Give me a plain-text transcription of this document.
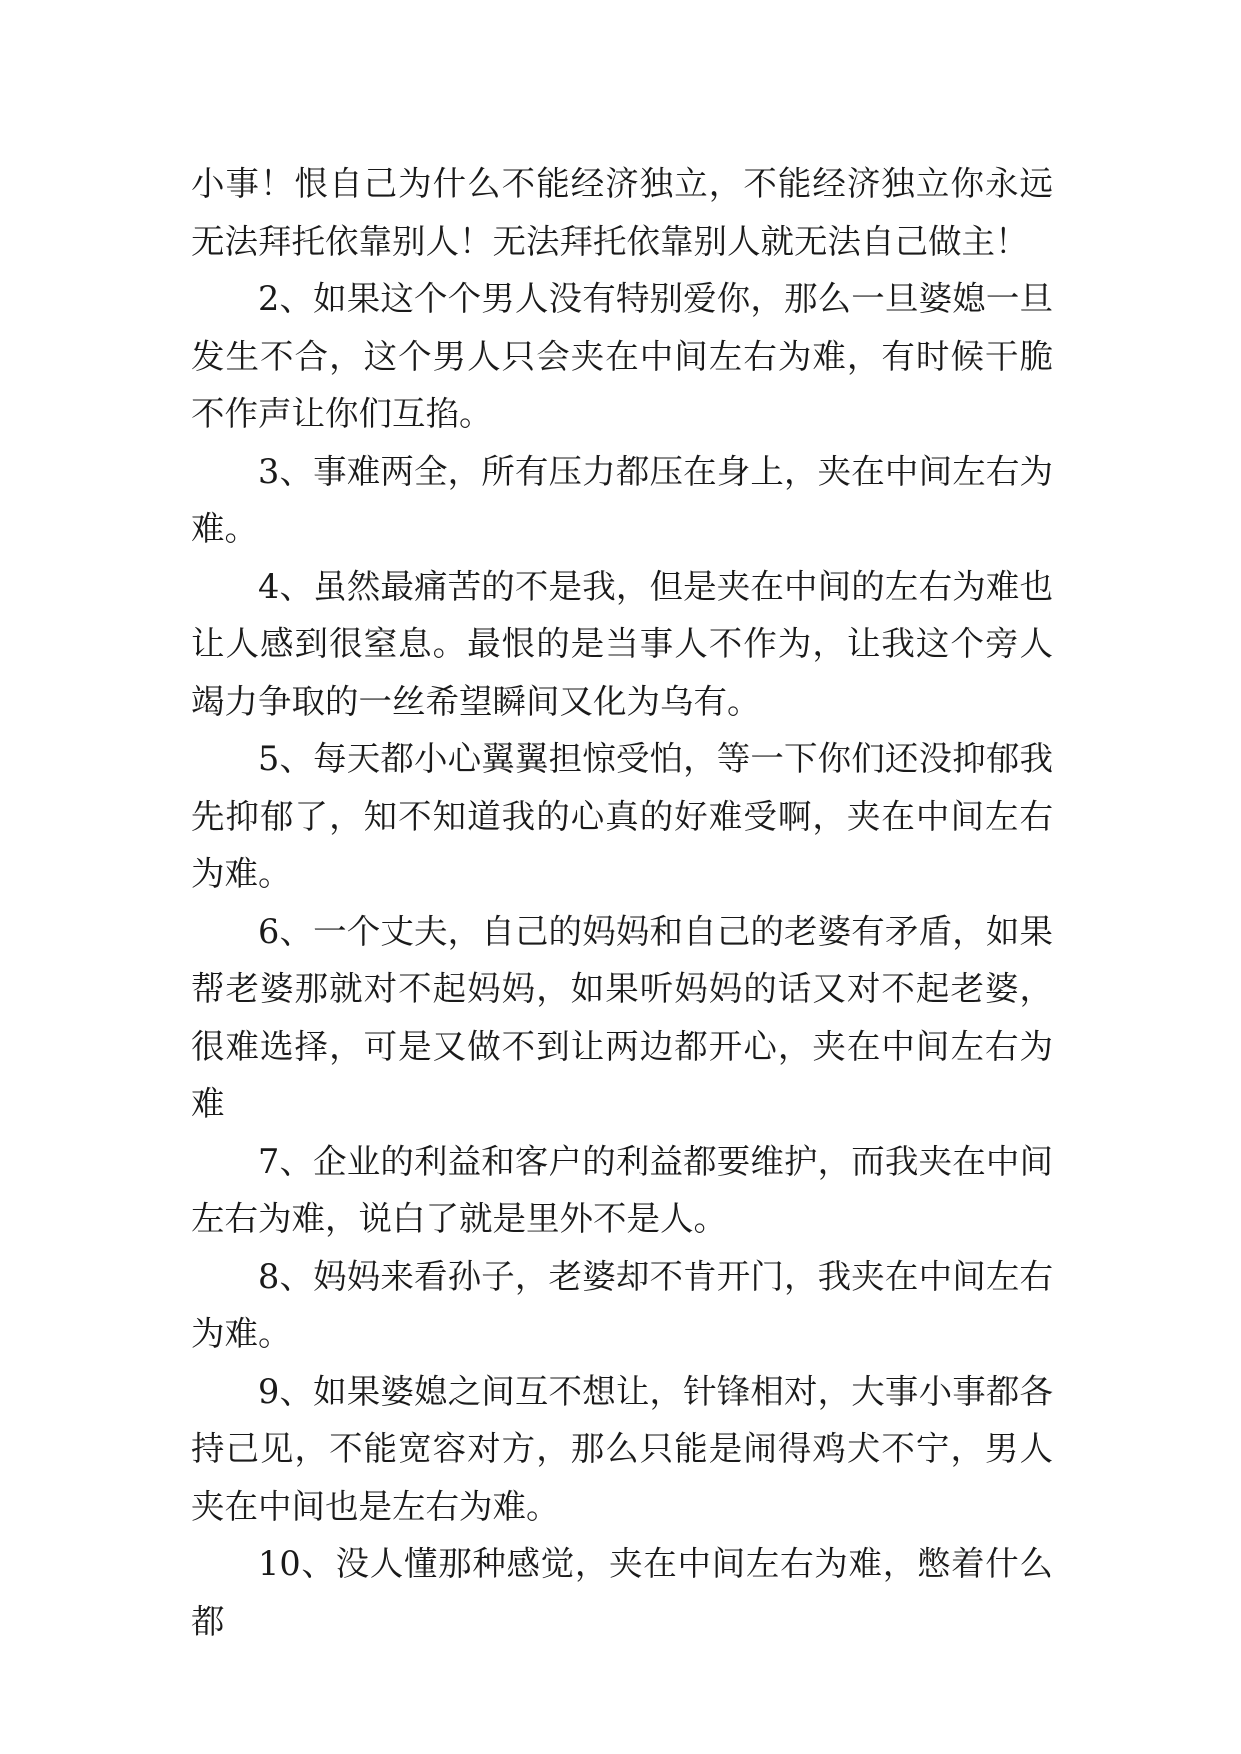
小事！恨自己为什么不能经济独立，不能经济独立你永远无法拜托依靠别人！无法拜托依靠别人就无法自己做主！

2、如果这个个男人没有特别爱你，那么一旦婆媳一旦发生不合，这个男人只会夹在中间左右为难，有时候干脆不作声让你们互掐。

3、事难两全，所有压力都压在身上，夹在中间左右为难。

4、虽然最痛苦的不是我，但是夹在中间的左右为难也让人感到很窒息。最恨的是当事人不作为，让我这个旁人竭力争取的一丝希望瞬间又化为乌有。

5、每天都小心翼翼担惊受怕，等一下你们还没抑郁我先抑郁了，知不知道我的心真的好难受啊，夹在中间左右为难。

6、一个丈夫，自己的妈妈和自己的老婆有矛盾，如果帮老婆那就对不起妈妈，如果听妈妈的话又对不起老婆，很难选择，可是又做不到让两边都开心，夹在中间左右为难

7、企业的利益和客户的利益都要维护，而我夹在中间左右为难，说白了就是里外不是人。

8、妈妈来看孙子，老婆却不肯开门，我夹在中间左右为难。

9、如果婆媳之间互不想让，针锋相对，大事小事都各持己见，不能宽容对方，那么只能是闹得鸡犬不宁，男人夹在中间也是左右为难。

10、没人懂那种感觉，夹在中间左右为难，憋着什么都
